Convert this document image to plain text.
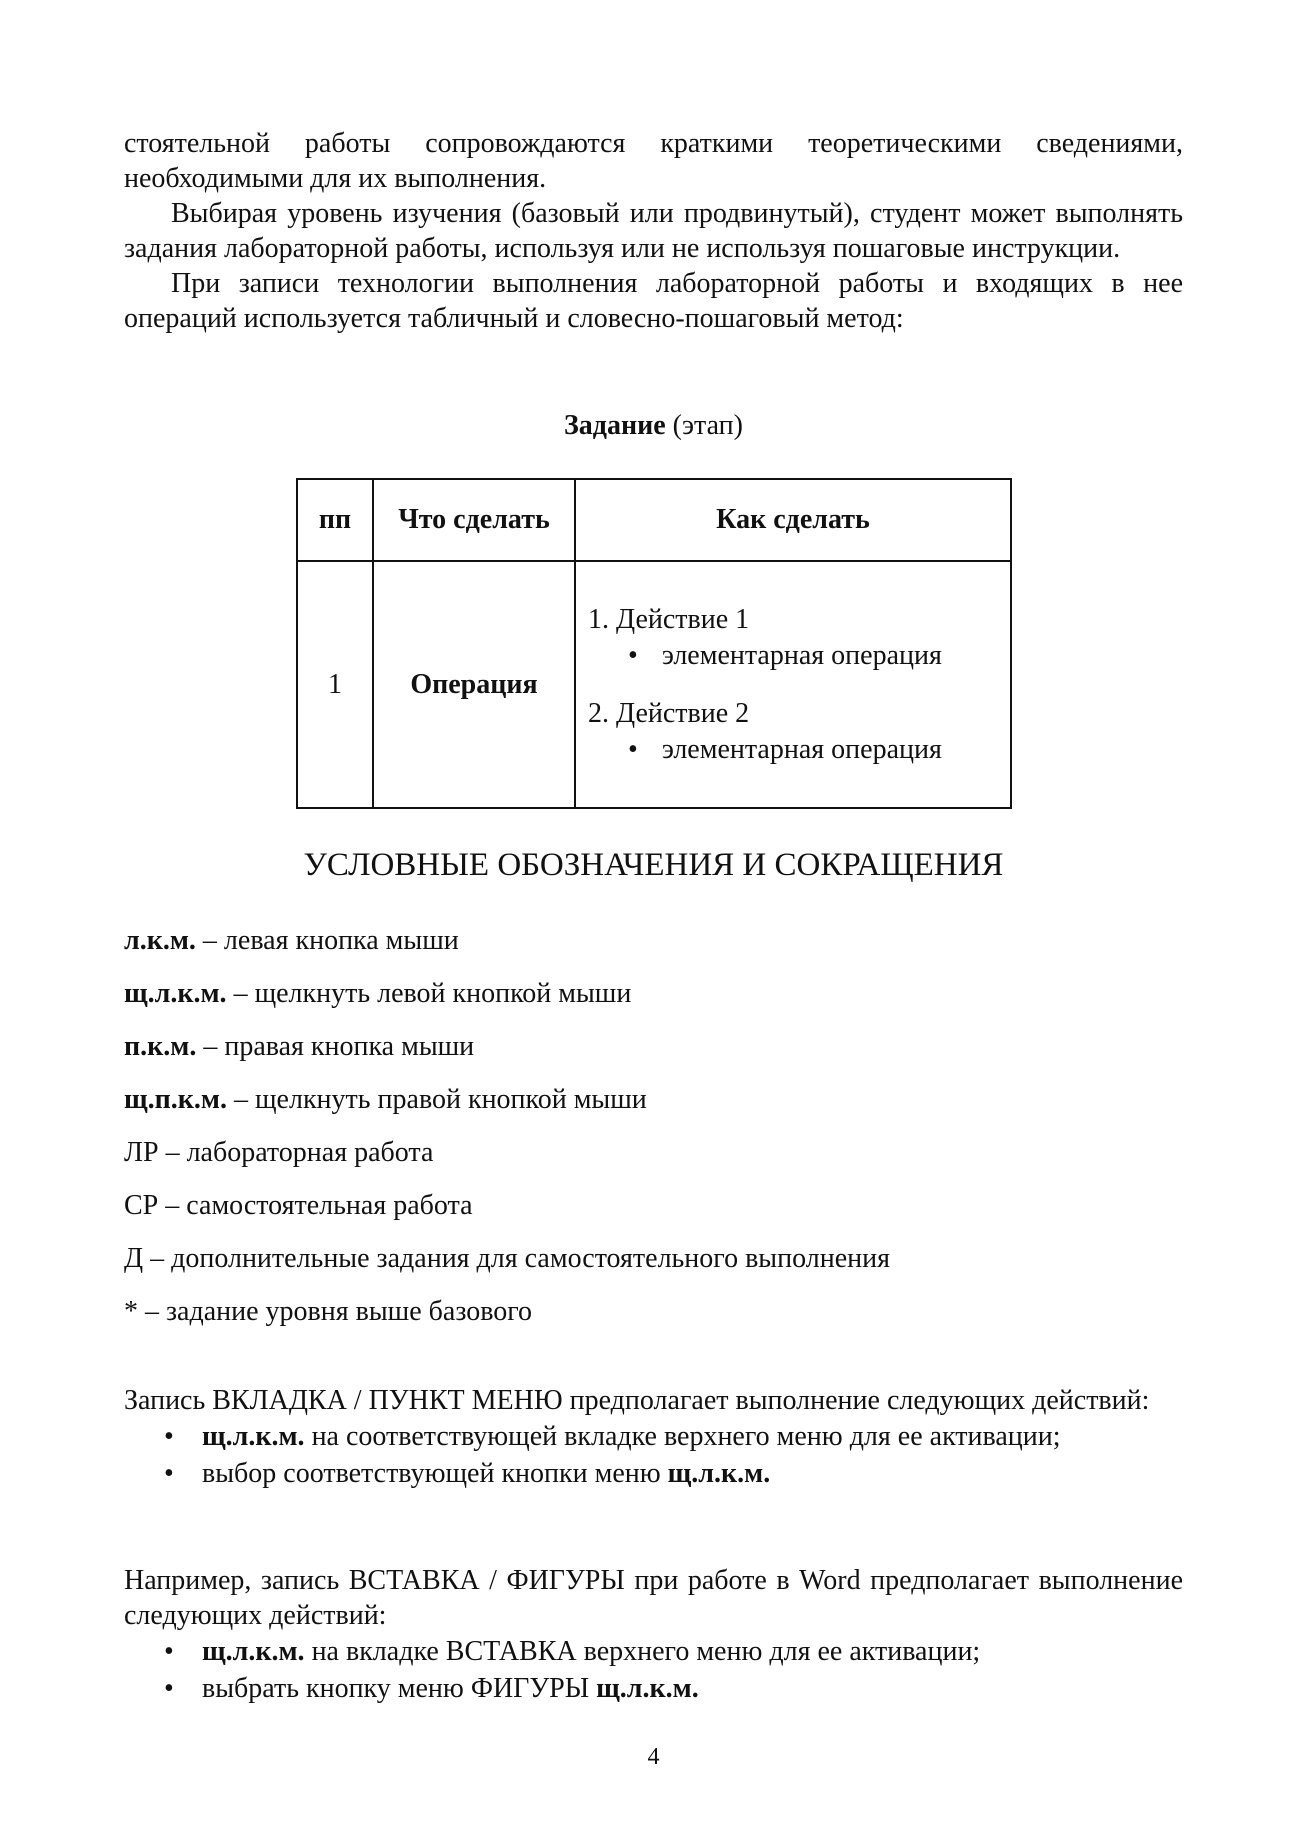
стоятельной работы сопровождаются краткими теоретическими сведениями, необходимыми для их выполнения.

Выбирая уровень изучения (базовый или продвинутый), студент может выполнять задания лабораторной работы, используя или не используя пошаговые инструкции.

При записи технологии выполнения лабораторной работы и входящих в нее операций используется табличный и словесно-пошаговый метод:

Задание (этап)
пп	Что сделать	Как сделать
1	Операция	1. Действие 1
• элементарная операция
2. Действие 2
• элементарная операция
УСЛОВНЫЕ ОБОЗНАЧЕНИЯ И СОКРАЩЕНИЯ
л.к.м. – левая кнопка мыши
щ.л.к.м. – щелкнуть левой кнопкой мыши
п.к.м. – правая кнопка мыши
щ.п.к.м. – щелкнуть правой кнопкой мыши
ЛР – лабораторная работа
СР – самостоятельная работа
Д – дополнительные задания для самостоятельного выполнения
* – задание уровня выше базового

Запись ВКЛАДКА / ПУНКТ МЕНЮ предполагает выполнение следующих действий:

• щ.л.к.м. на соответствующей вкладке верхнего меню для ее активации;
• выбор соответствующей кнопки меню щ.л.к.м.

Например, запись ВСТАВКА / ФИГУРЫ при работе в Word предполагает выполнение следующих действий:

• щ.л.к.м. на вкладке ВСТАВКА верхнего меню для ее активации;
• выбрать кнопку меню ФИГУРЫ щ.л.к.м.
4
